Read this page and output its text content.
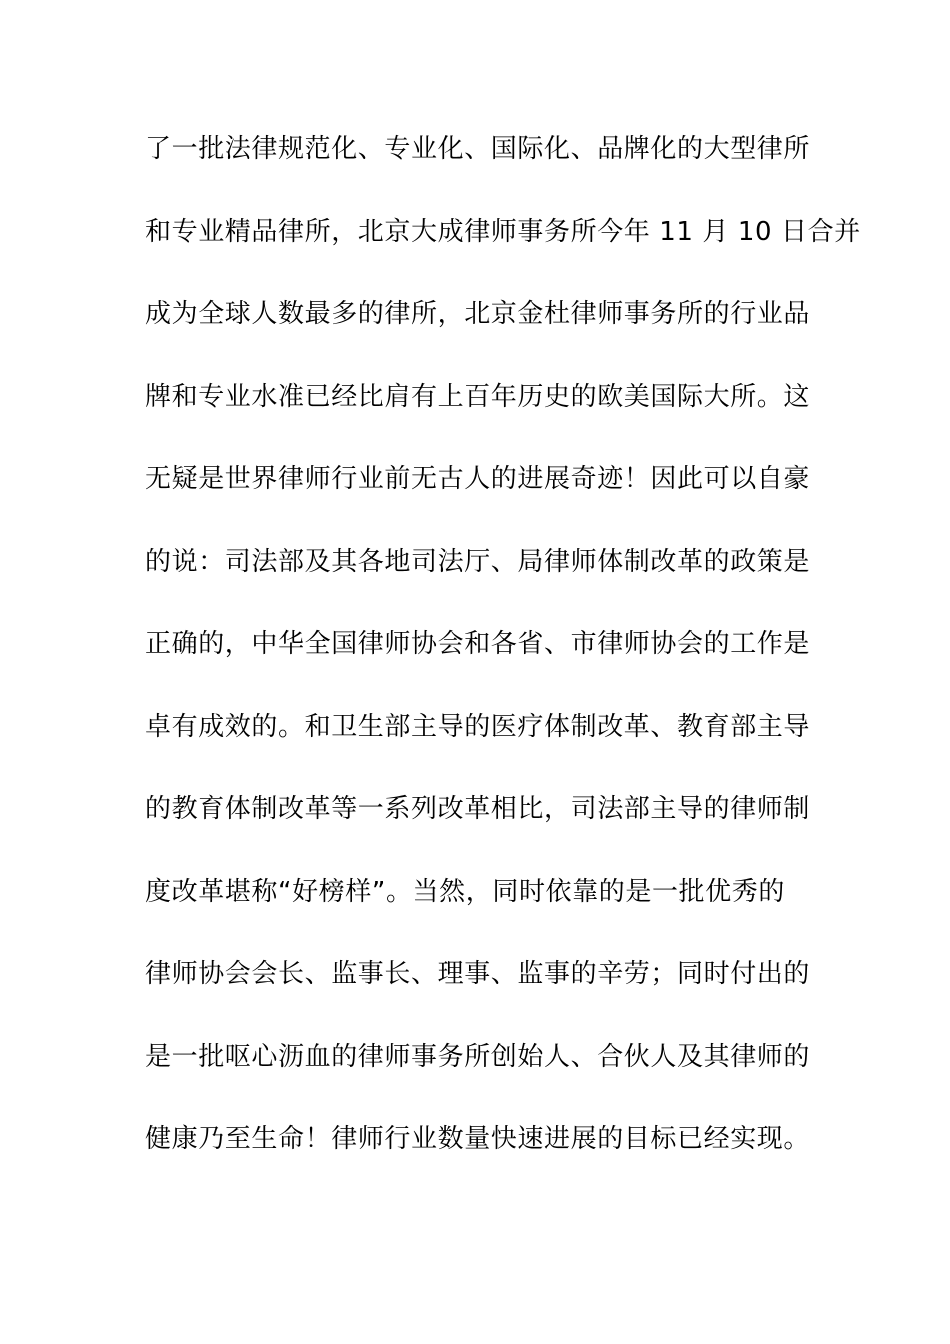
了一批法律规范化、专业化、国际化、品牌化的大型律所
和专业精品律所，北京大成律师事务所今年 11 月 10 日合并
成为全球人数最多的律所，北京金杜律师事务所的行业品
牌和专业水准已经比肩有上百年历史的欧美国际大所。这
无疑是世界律师行业前无古人的进展奇迹！因此可以自豪
的说：司法部及其各地司法厅、局律师体制改革的政策是
正确的，中华全国律师协会和各省、市律师协会的工作是
卓有成效的。和卫生部主导的医疗体制改革、教育部主导
的教育体制改革等一系列改革相比，司法部主导的律师制
度改革堪称“好榜样”。当然，同时依靠的是一批优秀的
律师协会会长、监事长、理事、监事的辛劳；同时付出的
是一批呕心沥血的律师事务所创始人、合伙人及其律师的
健康乃至生命！律师行业数量快速进展的目标已经实现。
